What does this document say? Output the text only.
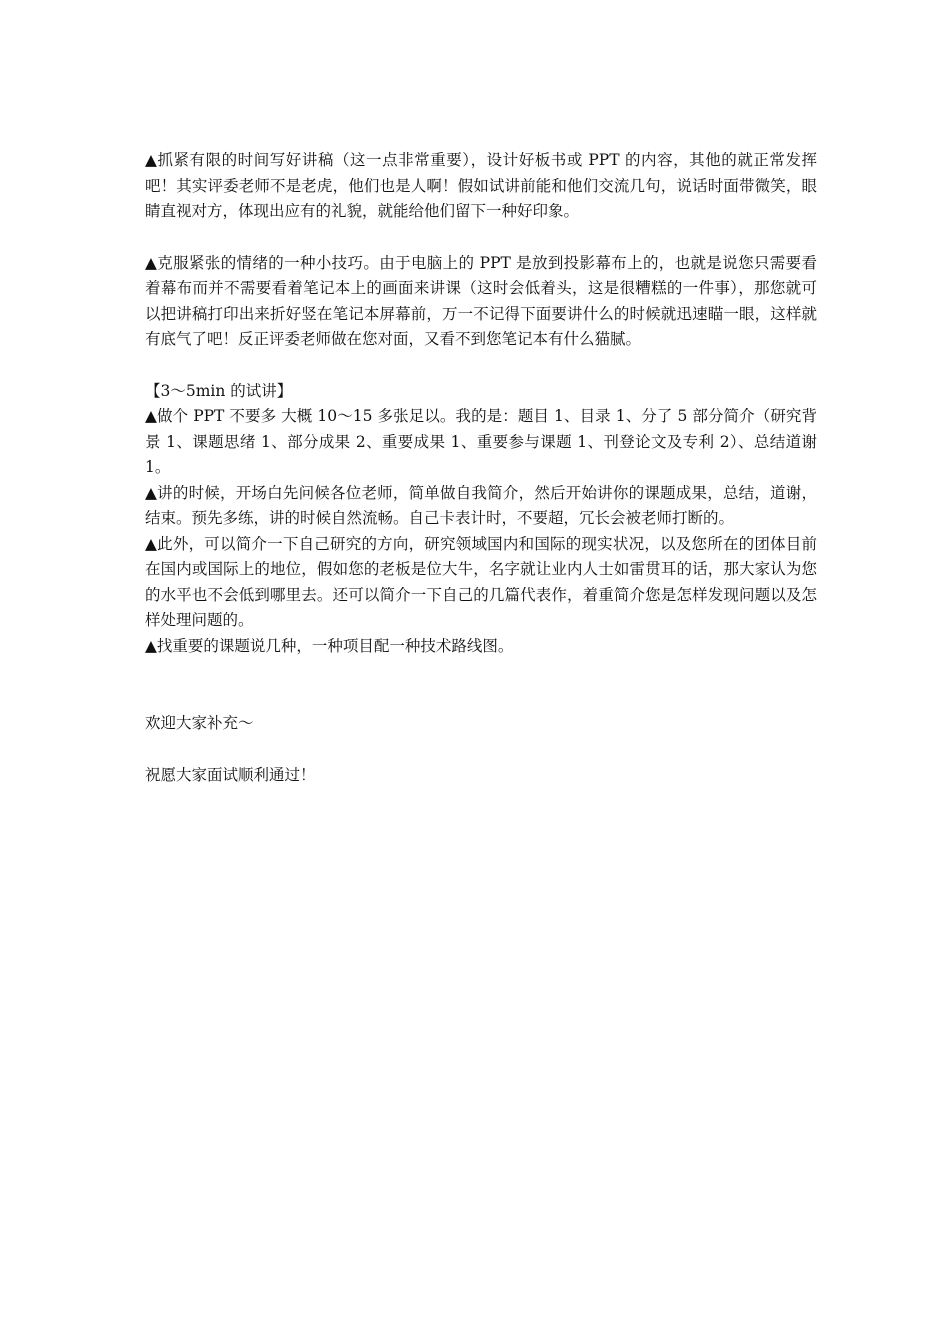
▲抓紧有限的时间写好讲稿（这一点非常重要），设计好板书或 PPT 的内容，其他的就正常发挥吧！其实评委老师不是老虎，他们也是人啊！假如试讲前能和他们交流几句，说话时面带微笑，眼睛直视对方，体现出应有的礼貌，就能给他们留下一种好印象。

▲克服紧张的情绪的一种小技巧。由于电脑上的 PPT 是放到投影幕布上的，也就是说您只需要看着幕布而并不需要看着笔记本上的画面来讲课（这时会低着头，这是很糟糕的一件事），那您就可以把讲稿打印出来折好竖在笔记本屏幕前，万一不记得下面要讲什么的时候就迅速瞄一眼，这样就有底气了吧！反正评委老师做在您对面，又看不到您笔记本有什么猫腻。

【3～5min 的试讲】

▲做个 PPT 不要多 大概 10～15 多张足以。我的是：题目 1、目录 1、分了 5 部分简介（研究背景 1、课题思绪 1、部分成果 2、重要成果 1、重要参与课题 1、刊登论文及专利 2）、总结道谢 1。

▲讲的时候，开场白先问候各位老师，简单做自我简介，然后开始讲你的课题成果，总结，道谢，结束。预先多练，讲的时候自然流畅。自己卡表计时，不要超，冗长会被老师打断的。

▲此外，可以简介一下自己研究的方向，研究领域国内和国际的现实状况，以及您所在的团体目前在国内或国际上的地位，假如您的老板是位大牛，名字就让业内人士如雷贯耳的话，那大家认为您的水平也不会低到哪里去。还可以简介一下自己的几篇代表作，着重简介您是怎样发现问题以及怎样处理问题的。

▲找重要的课题说几种，一种项目配一种技术路线图。

欢迎大家补充～

祝愿大家面试顺利通过！
